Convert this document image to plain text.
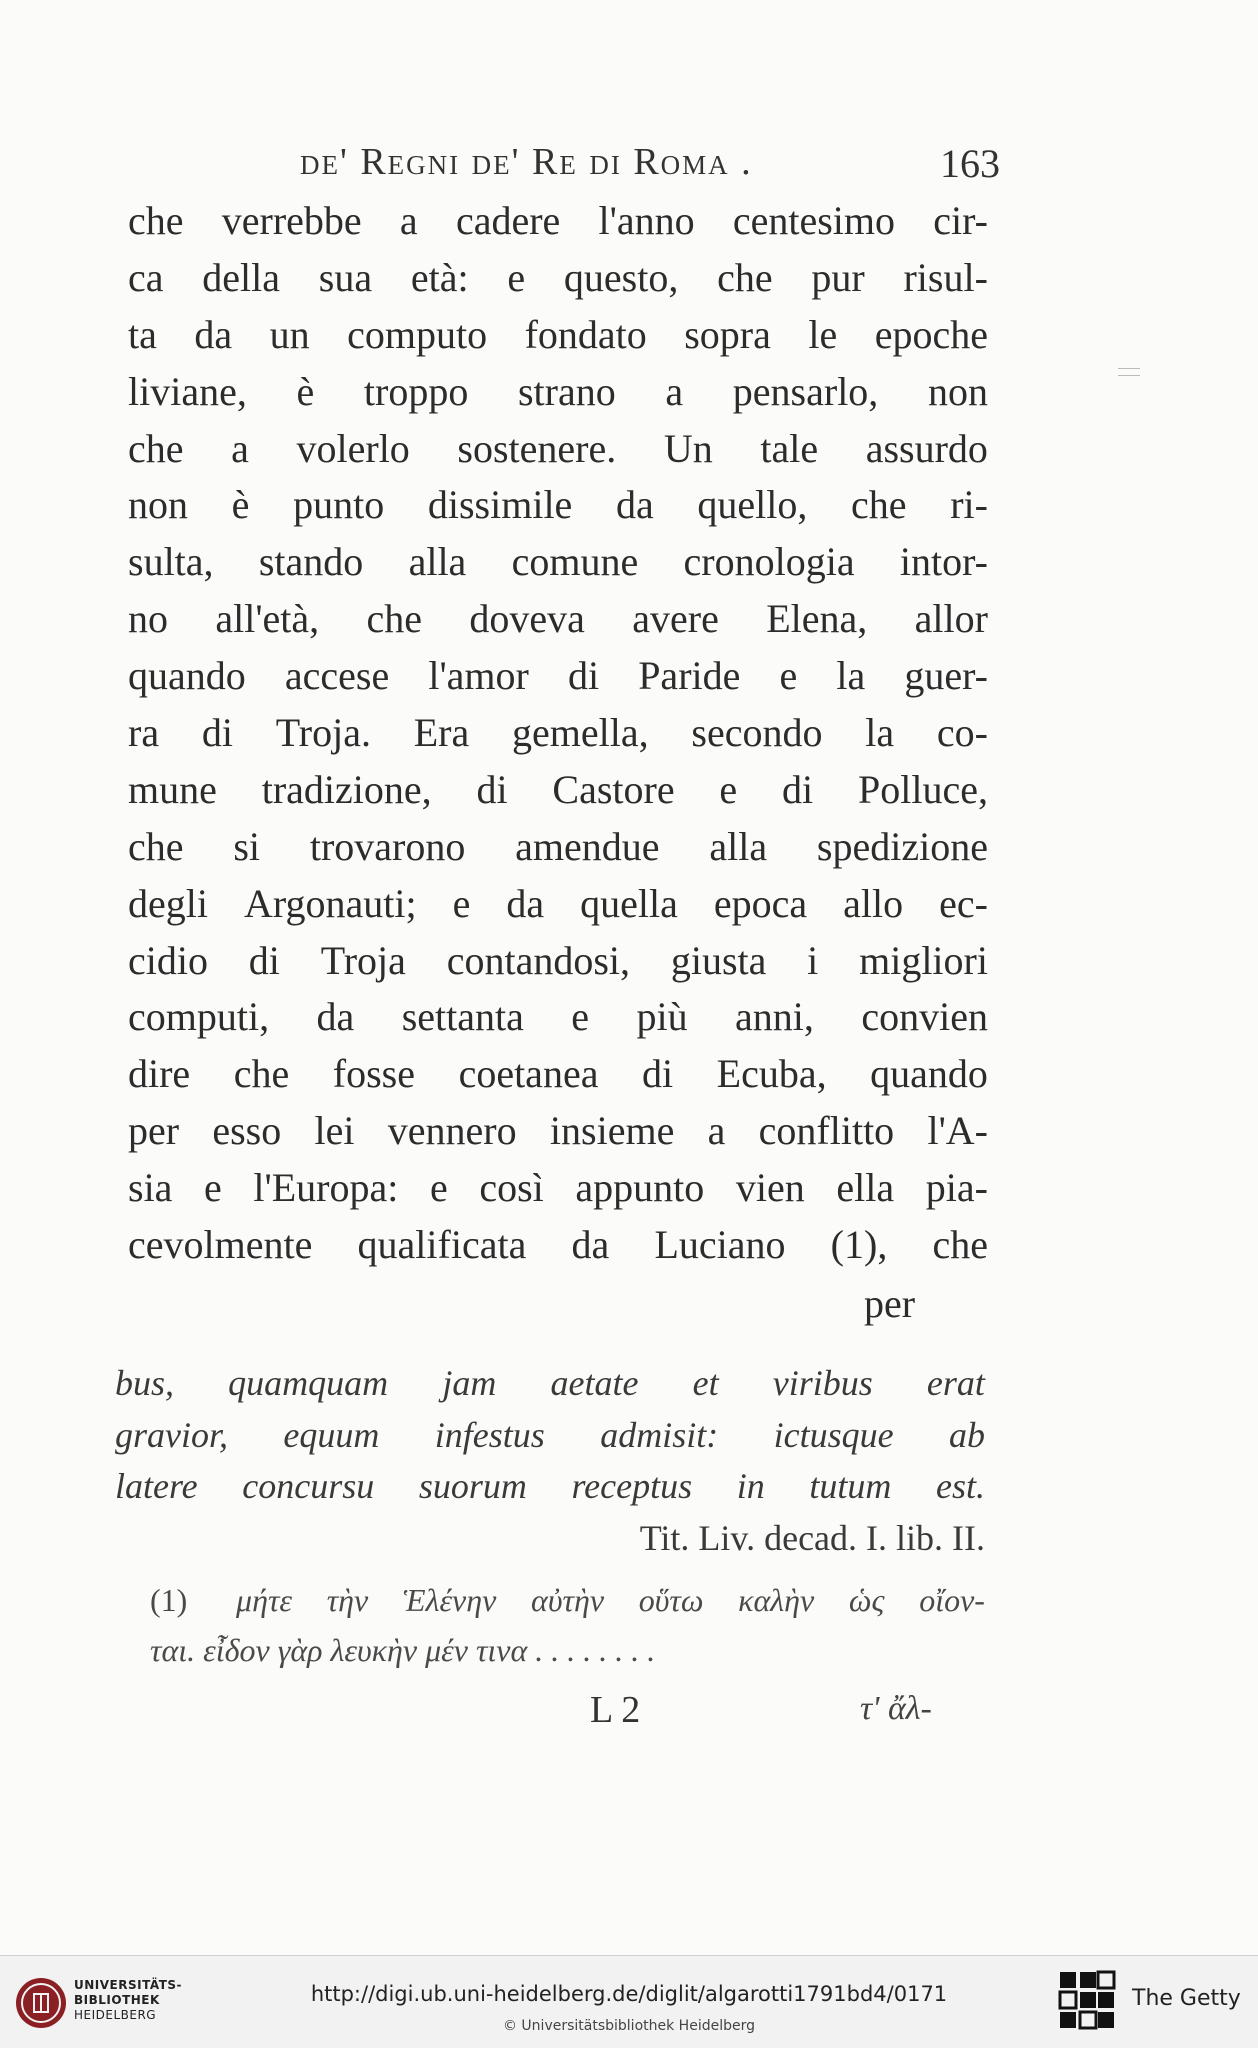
de' Regni de' Re di Roma .	163
che verrebbe a cadere l'anno centesimo cir-
ca della sua età: e questo, che pur risul-
ta da un computo fondato sopra le epoche
liviane, è troppo strano a pensarlo, non
che a volerlo sostenere. Un tale assurdo
non è punto dissimile da quello, che ri-
sulta, stando alla comune cronologia intor-
no all'età, che doveva avere Elena, allor
quando accese l'amor di Paride e la guer-
ra di Troja. Era gemella, secondo la co-
mune tradizione, di Castore e di Polluce,
che si trovarono amendue alla spedizione
degli Argonauti; e da quella epoca allo ec-
cidio di Troja contandosi, giusta i migliori
computi, da settanta e più anni, convien
dire che fosse coetanea di Ecuba, quando
per esso lei vennero insieme a conflitto l'A-
sia e l'Europa: e così appunto vien ella pia-
cevolmente qualificata da Luciano (1), che
per
bus, quamquam jam aetate et viribus erat
gravior, equum infestus admisit: ictusque ab
latere concursu suorum receptus in tutum est.
Tit. Liv. decad. I. lib. II.
(1) μήτε τὴν Ἑλένην αὐτὴν οὕτω καλὴν ὡς οἴον-
ται. εἶδον γὰρ λευκὴν μέν τινα . . . . . . . .
L 2	τ' ἄλ-
UNIVERSITÄTS-
BIBLIOTHEK
HEIDELBERG
http://digi.ub.uni-heidelberg.de/diglit/algarotti1791bd4/0171
© Universitätsbibliothek Heidelberg
The Getty
